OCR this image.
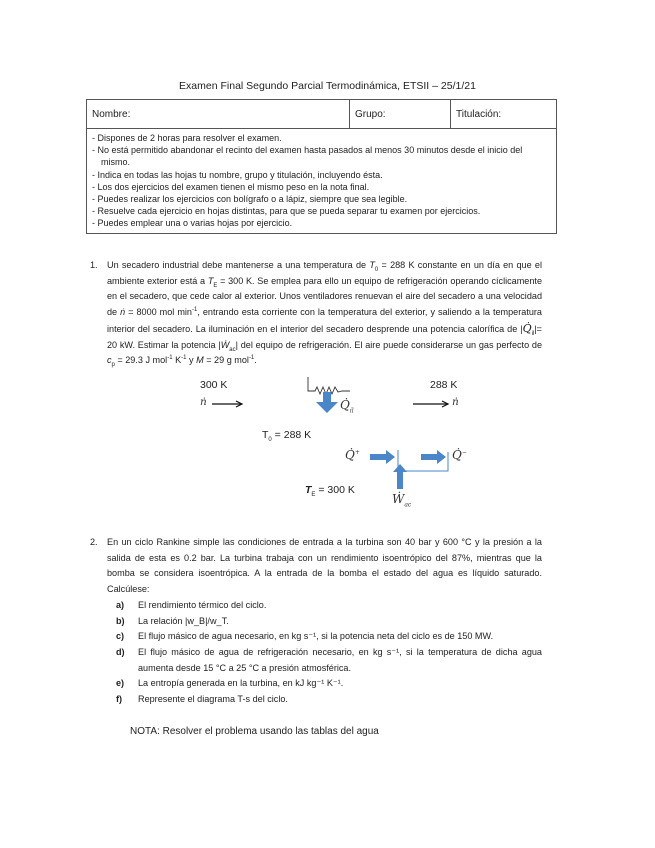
Examen Final Segundo Parcial Termodinámica, ETSII – 25/1/21
Nombre:	Grupo:	Titulación:

- Dispones de 2 horas para resolver el examen.
- No está permitido abandonar el recinto del examen hasta pasados al menos 30 minutos desde el inicio del mismo.
- Indica en todas las hojas tu nombre, grupo y titulación, incluyendo ésta.
- Los dos ejercicios del examen tienen el mismo peso en la nota final.
- Puedes realizar los ejercicios con bolígrafo o a lápiz, siempre que sea legible.
- Resuelve cada ejercicio en hojas distintas, para que se pueda separar tu examen por ejercicios.
- Puedes emplear una o varias hojas por ejercicio.
1. Un secadero industrial debe mantenerse a una temperatura de $T_0 = 288$ K constante en un día en que el ambiente exterior está a $T_E = 300$ K. Se emplea para ello un equipo de refrigeración operando cíclicamente en el secadero, que cede calor al exterior. Unos ventiladores renuevan el aire del secadero a una velocidad de ṅ = 8000 mol $\min^{-1}$, entrando esta corriente con la temperatura del exterior, y saliendo a la temperatura interior del secadero. La iluminación en el interior del secadero desprende una potencia calorífica de $|Q̇_{il}|= 20$ kW. Estimar la potencia |Ẇ$_{ac}$| del equipo de refrigeración. El aire puede considerarse un gas perfecto de $c_p = 29.3$ J mol$^{-1}$ $K^{-1}$ y M = 29 g mol$^{-1}$.
300 K
ṅ
288 K
ṅ
$Q̇_{il}$
$T_0 = 288$ K
Q̇+	Q̇−
$T_E = 300$ K
Ẇ$_{ac}$
2. En un ciclo Rankine simple las condiciones de entrada a la turbina son 40 bar y 600 °C y la presión a la salida de esta es 0.2 bar. La turbina trabaja con un rendimiento isoentrópico del 87%, mientras que la bomba se considera isoentrópica. A la entrada de la bomba el estado del agua es líquido saturado. Calcúlese:
a)	El rendimiento térmico del ciclo.
b)	La relación |w_B|/w_T.
c)	El flujo másico de agua necesario, en kg s⁻¹, si la potencia neta del ciclo es de 150 MW.
d)	El flujo másico de agua de refrigeración necesario, en kg s⁻¹, si la temperatura de dicha agua aumenta desde 15 °C a 25 °C a presión atmosférica.
e)	La entropía generada en la turbina, en kJ kg⁻¹ K⁻¹.
f)	Represente el diagrama T-s del ciclo.
NOTA: Resolver el problema usando las tablas del agua
